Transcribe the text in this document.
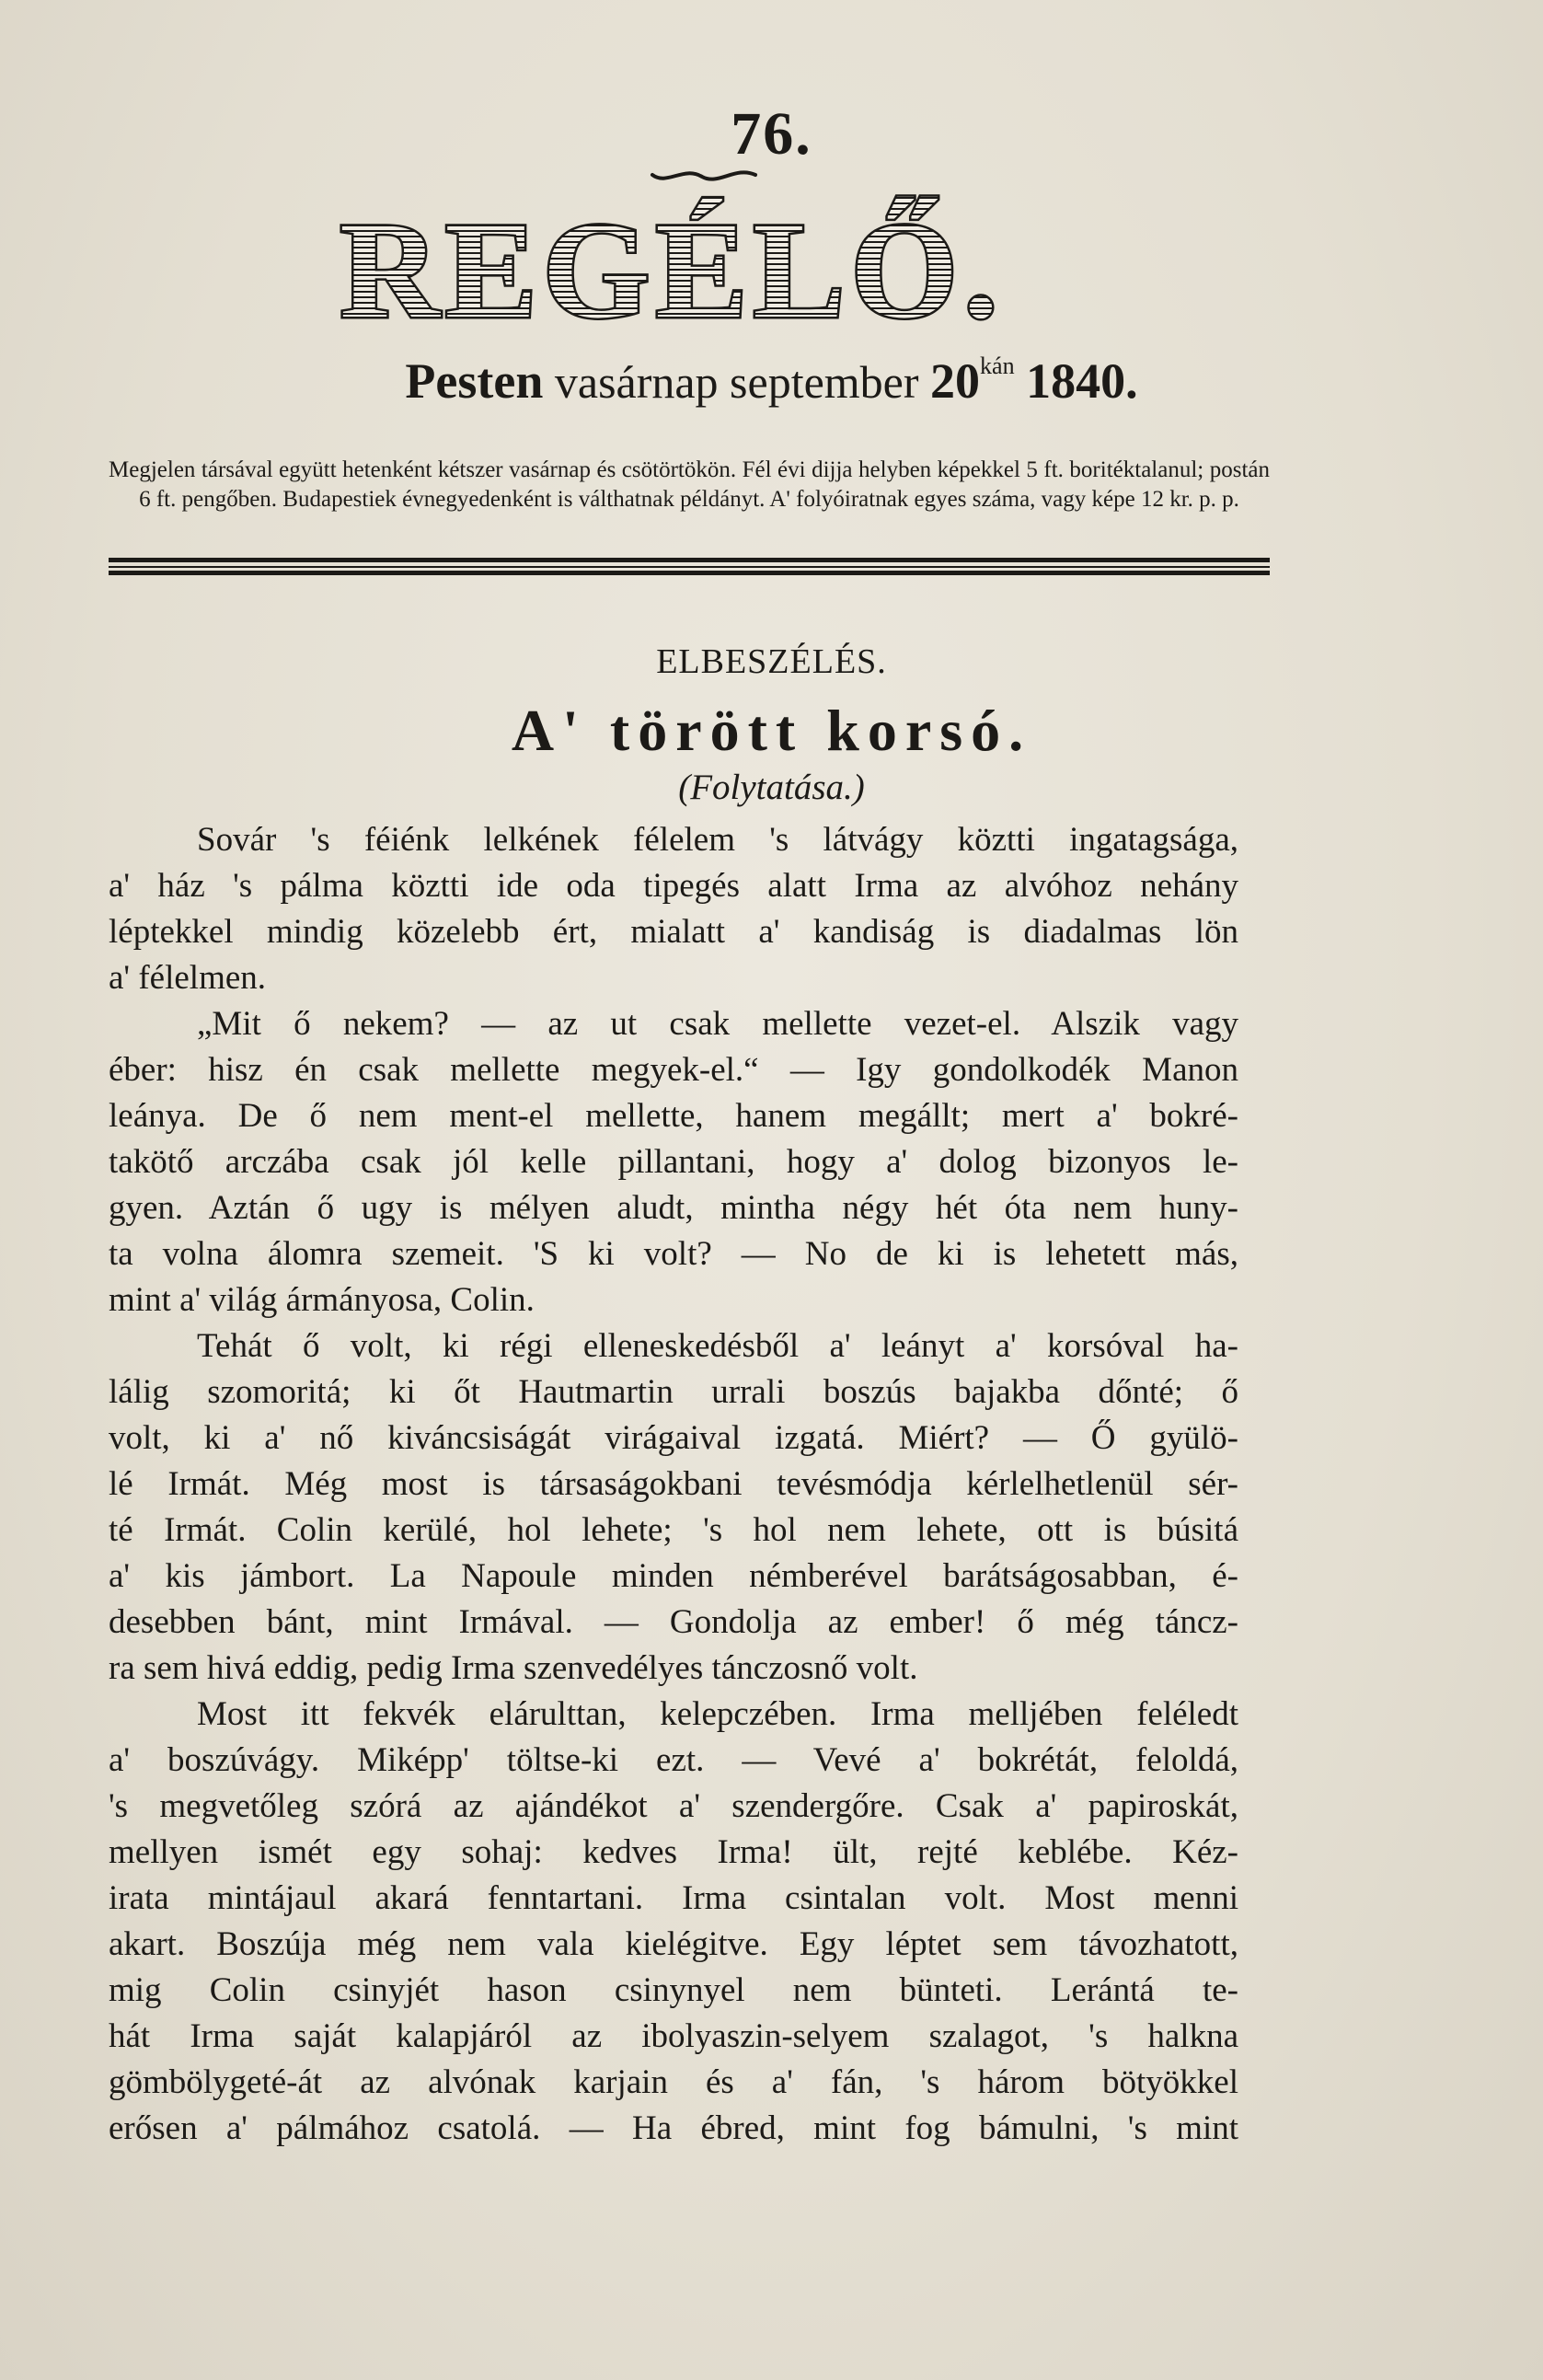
76.
REGÉLŐ.
Pesten vasárnap september $20^{kán}$ 1840.
Megjelen társával együtt hetenként kétszer vasárnap és csötörtökön. Fél évi dijja helyben képekkel 5 ft. boritéktalanul; postán 6 ft. pengőben. Budapestiek évnegyedenként is válthatnak példányt. A' folyóiratnak egyes száma, vagy képe 12 kr. p. p.
ELBESZÉLÉS.
A' törött korsó.
(Folytatása.)
Sovár 's féiénk lelkének félelem 's látvágy köztti ingatagsága,
a' ház 's pálma köztti ide oda tipegés alatt Irma az alvóhoz nehány
léptekkel mindig közelebb ért, mialatt a' kandiság is diadalmas lön
a' félelmen.
„Mit ő nekem? — az ut csak mellette vezet-el. Alszik vagy
éber: hisz én csak mellette megyek-el.“ — Igy gondolkodék Manon
leánya. De ő nem ment-el mellette, hanem megállt; mert a' bokré-
takötő arczába csak jól kelle pillantani, hogy a' dolog bizonyos le-
gyen. Aztán ő ugy is mélyen aludt, mintha négy hét óta nem huny-
ta volna álomra szemeit. 'S ki volt? — No de ki is lehetett más,
mint a' világ ármányosa, Colin.
Tehát ő volt, ki régi elleneskedésből a' leányt a' korsóval ha-
lálig szomoritá; ki őt Hautmartin urrali boszús bajakba dőnté; ő
volt, ki a' nő kiváncsiságát virágaival izgatá. Miért? — Ő gyülö-
lé Irmát. Még most is társaságokbani tevésmódja kérlelhetlenül sér-
té Irmát. Colin kerülé, hol lehete; 's hol nem lehete, ott is búsitá
a' kis jámbort. La Napoule minden némberével barátságosabban, é-
desebben bánt, mint Irmával. — Gondolja az ember! ő még táncz-
ra sem hivá eddig, pedig Irma szenvedélyes tánczosnő volt.
Most itt fekvék elárulttan, kelepczében. Irma melljében feléledt
a' boszúvágy. Miképp' töltse-ki ezt. — Vevé a' bokrétát, feloldá,
's megvetőleg szórá az ajándékot a' szendergőre. Csak a' papiroskát,
mellyen ismét egy sohaj: kedves Irma! ült, rejté keblébe. Kéz-
irata mintájaul akará fenntartani. Irma csintalan volt. Most menni
akart. Boszúja még nem vala kielégitve. Egy léptet sem távozhatott,
mig Colin csinyjét hason csinynyel nem bünteti. Lerántá te-
hát Irma saját kalapjáról az ibolyaszin-selyem szalagot, 's halkna
gömbölygeté-át az alvónak karjain és a' fán, 's három bötyökkel
erősen a' pálmához csatolá. — Ha ébred, mint fog bámulni, 's mint
